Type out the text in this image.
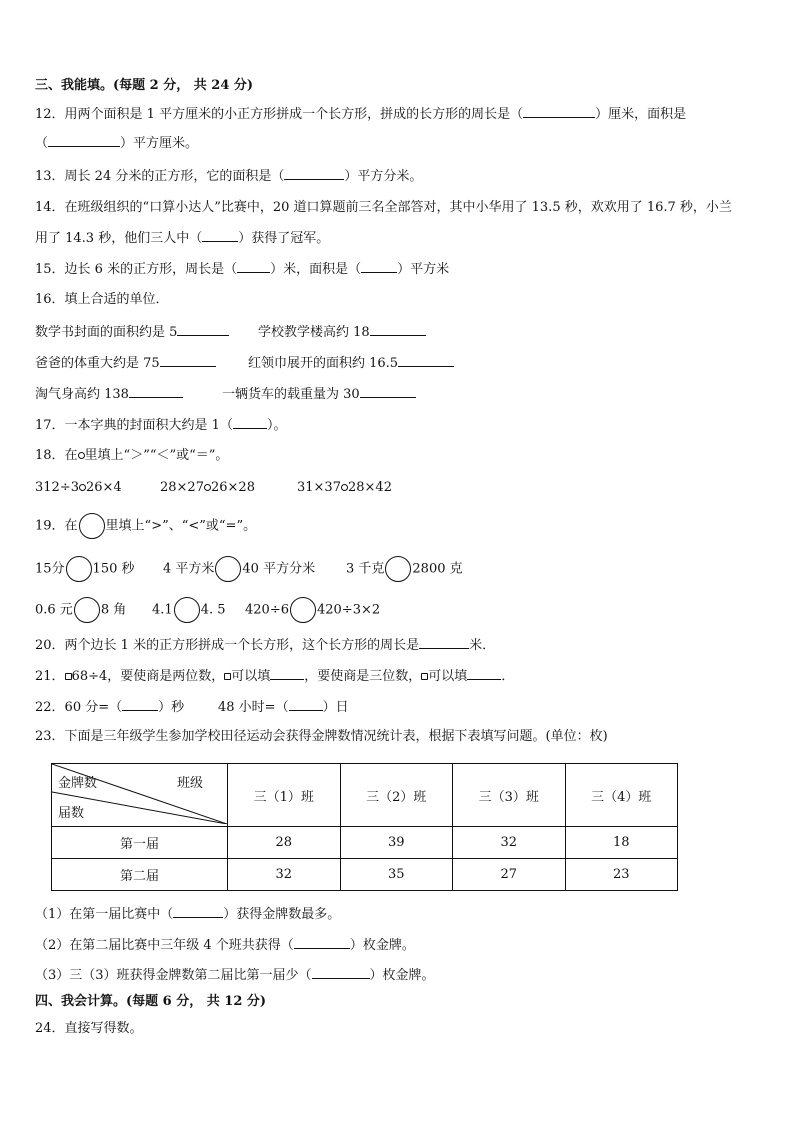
三、我能填。(每题 2 分， 共 24 分)
12．用两个面积是 1 平方厘米的小正方形拼成一个长方形，拼成的长方形的周长是（	）厘米，面积是
（	）平方厘米。
13．周长 24 分米的正方形，它的面积是（	）平方分米。
14．在班级组织的“口算小达人”比赛中，20 道口算题前三名全部答对，其中小华用了 13.5 秒，欢欢用了 16.7 秒，小兰
用了 14.3 秒，他们三人中（	）获得了冠军。
15．边长 6 米的正方形，周长是（	）米，面积是（	）平方米
16．填上合适的单位．
数学书封面的面积约是 5	学校教学楼高约 18
爸爸的体重大约是 75	红领巾展开的面积约 16.5
淘气身高约 138	一辆货车的载重量为 30
17．一本字典的封面积大约是 1（	）。
18．在 里填上“＞”“＜”或“＝”。
312÷3 26×4	28×27 26×28	31×37 28×42
19．在 里填上“>”、“<”或“=”。
15分 150 秒 4 平方米 40 平方分米 3 千克 2800 克
0.6 元 8 角 4.1 4. 5 420÷6 420÷3×2
20．两个边长 1 米的正方形拼成一个长方形，这个长方形的周长是	米．
21． 68÷4，要使商是两位数， 可以填	，要使商是三位数， 可以填	．
22．60 分=（	）秒	48 小时=（	）日
23．下面是三年级学生参加学校田径运动会获得金牌数情况统计表，根据下表填写问题。(单位：枚)
金牌数 班级
届数	三（1）班	三（2）班	三（3）班	三（4）班
第一届	28	39	32	18
第二届	32	35	27	23
（1）在第一届比赛中（	）获得金牌数最多。
（2）在第二届比赛中三年级 4 个班共获得（	）枚金牌。
（3）三（3）班获得金牌数第二届比第一届少（	）枚金牌。
四、我会计算。(每题 6 分， 共 12 分)
24．直接写得数。
